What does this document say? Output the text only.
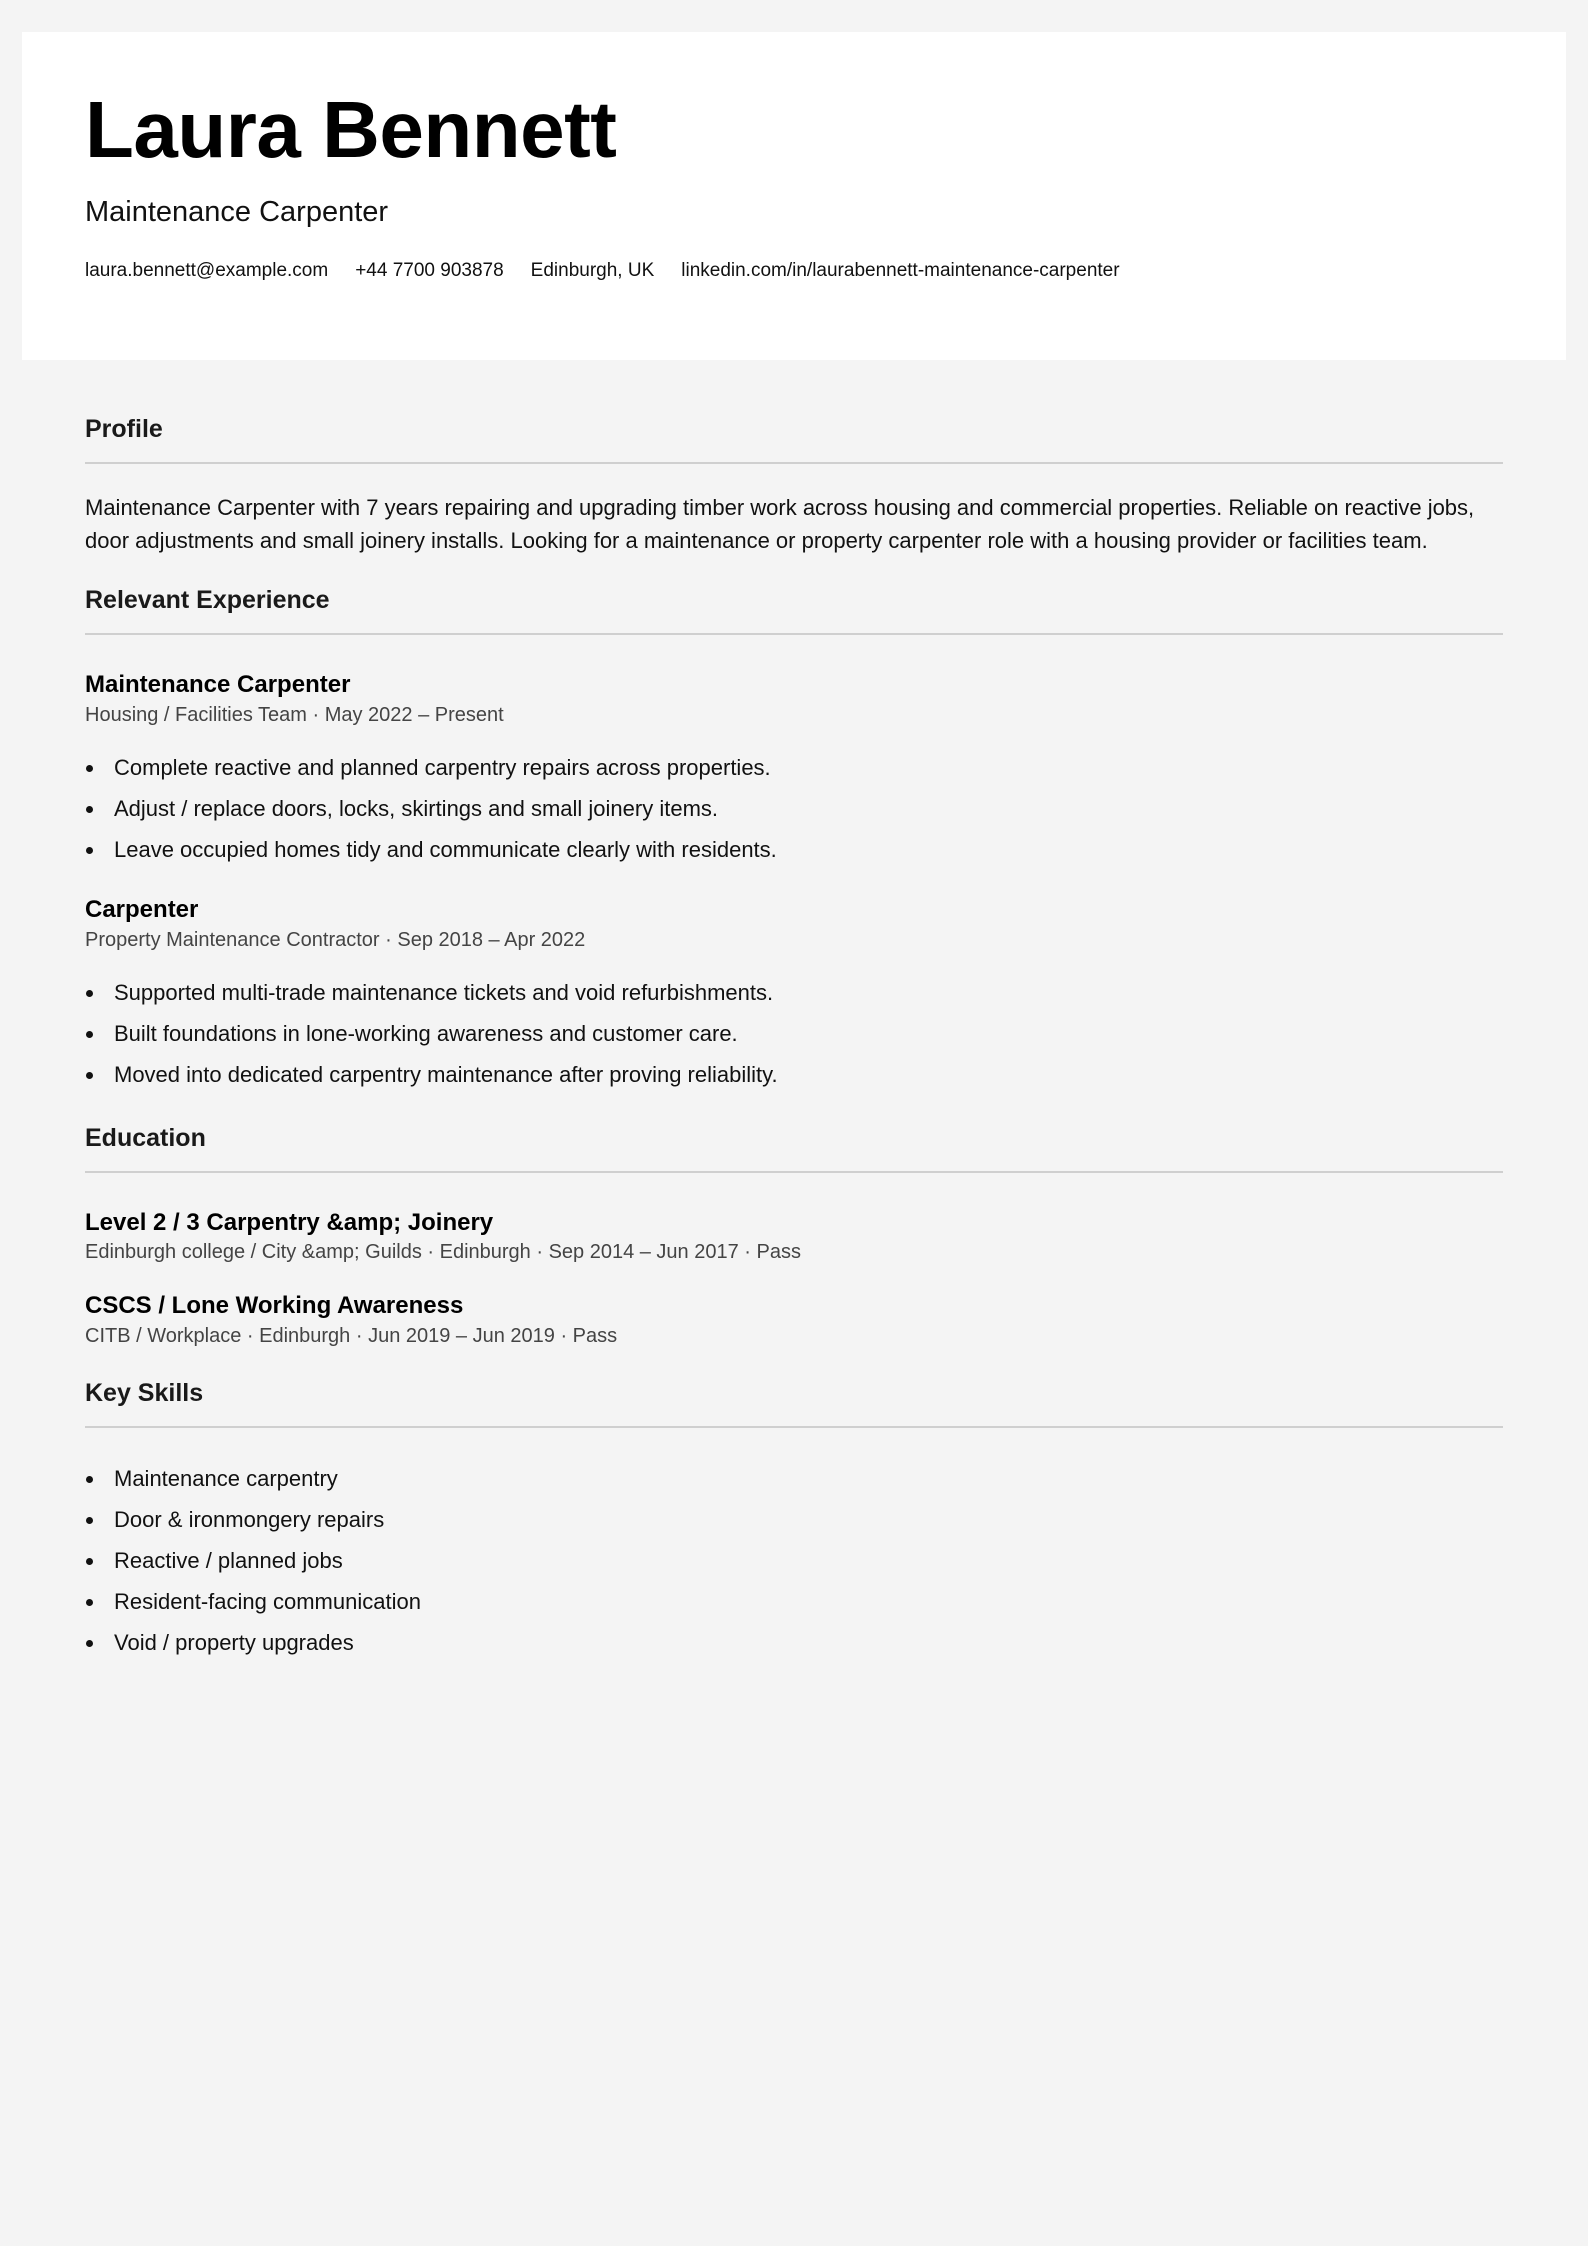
Laura Bennett
Maintenance Carpenter
laura.bennett@example.com +44 7700 903878 Edinburgh, UK linkedin.com/in/laurabennett-maintenance-carpenter
Profile

Maintenance Carpenter with 7 years repairing and upgrading timber work across housing and commercial properties. Reliable on reactive jobs, door adjustments and small joinery installs. Looking for a maintenance or property carpenter role with a housing provider or facilities team.

Relevant Experience
Maintenance Carpenter
Housing / Facilities Team · May 2022 – Present
Complete reactive and planned carpentry repairs across properties.
Adjust / replace doors, locks, skirtings and small joinery items.
Leave occupied homes tidy and communicate clearly with residents.
Carpenter
Property Maintenance Contractor · Sep 2018 – Apr 2022
Supported multi-trade maintenance tickets and void refurbishments.
Built foundations in lone-working awareness and customer care.
Moved into dedicated carpentry maintenance after proving reliability.
Education
Level 2 / 3 Carpentry &amp; Joinery
Edinburgh college / City &amp; Guilds · Edinburgh · Sep 2014 – Jun 2017 · Pass
CSCS / Lone Working Awareness
CITB / Workplace · Edinburgh · Jun 2019 – Jun 2019 · Pass
Key Skills
Maintenance carpentry
Door & ironmongery repairs
Reactive / planned jobs
Resident-facing communication
Void / property upgrades
